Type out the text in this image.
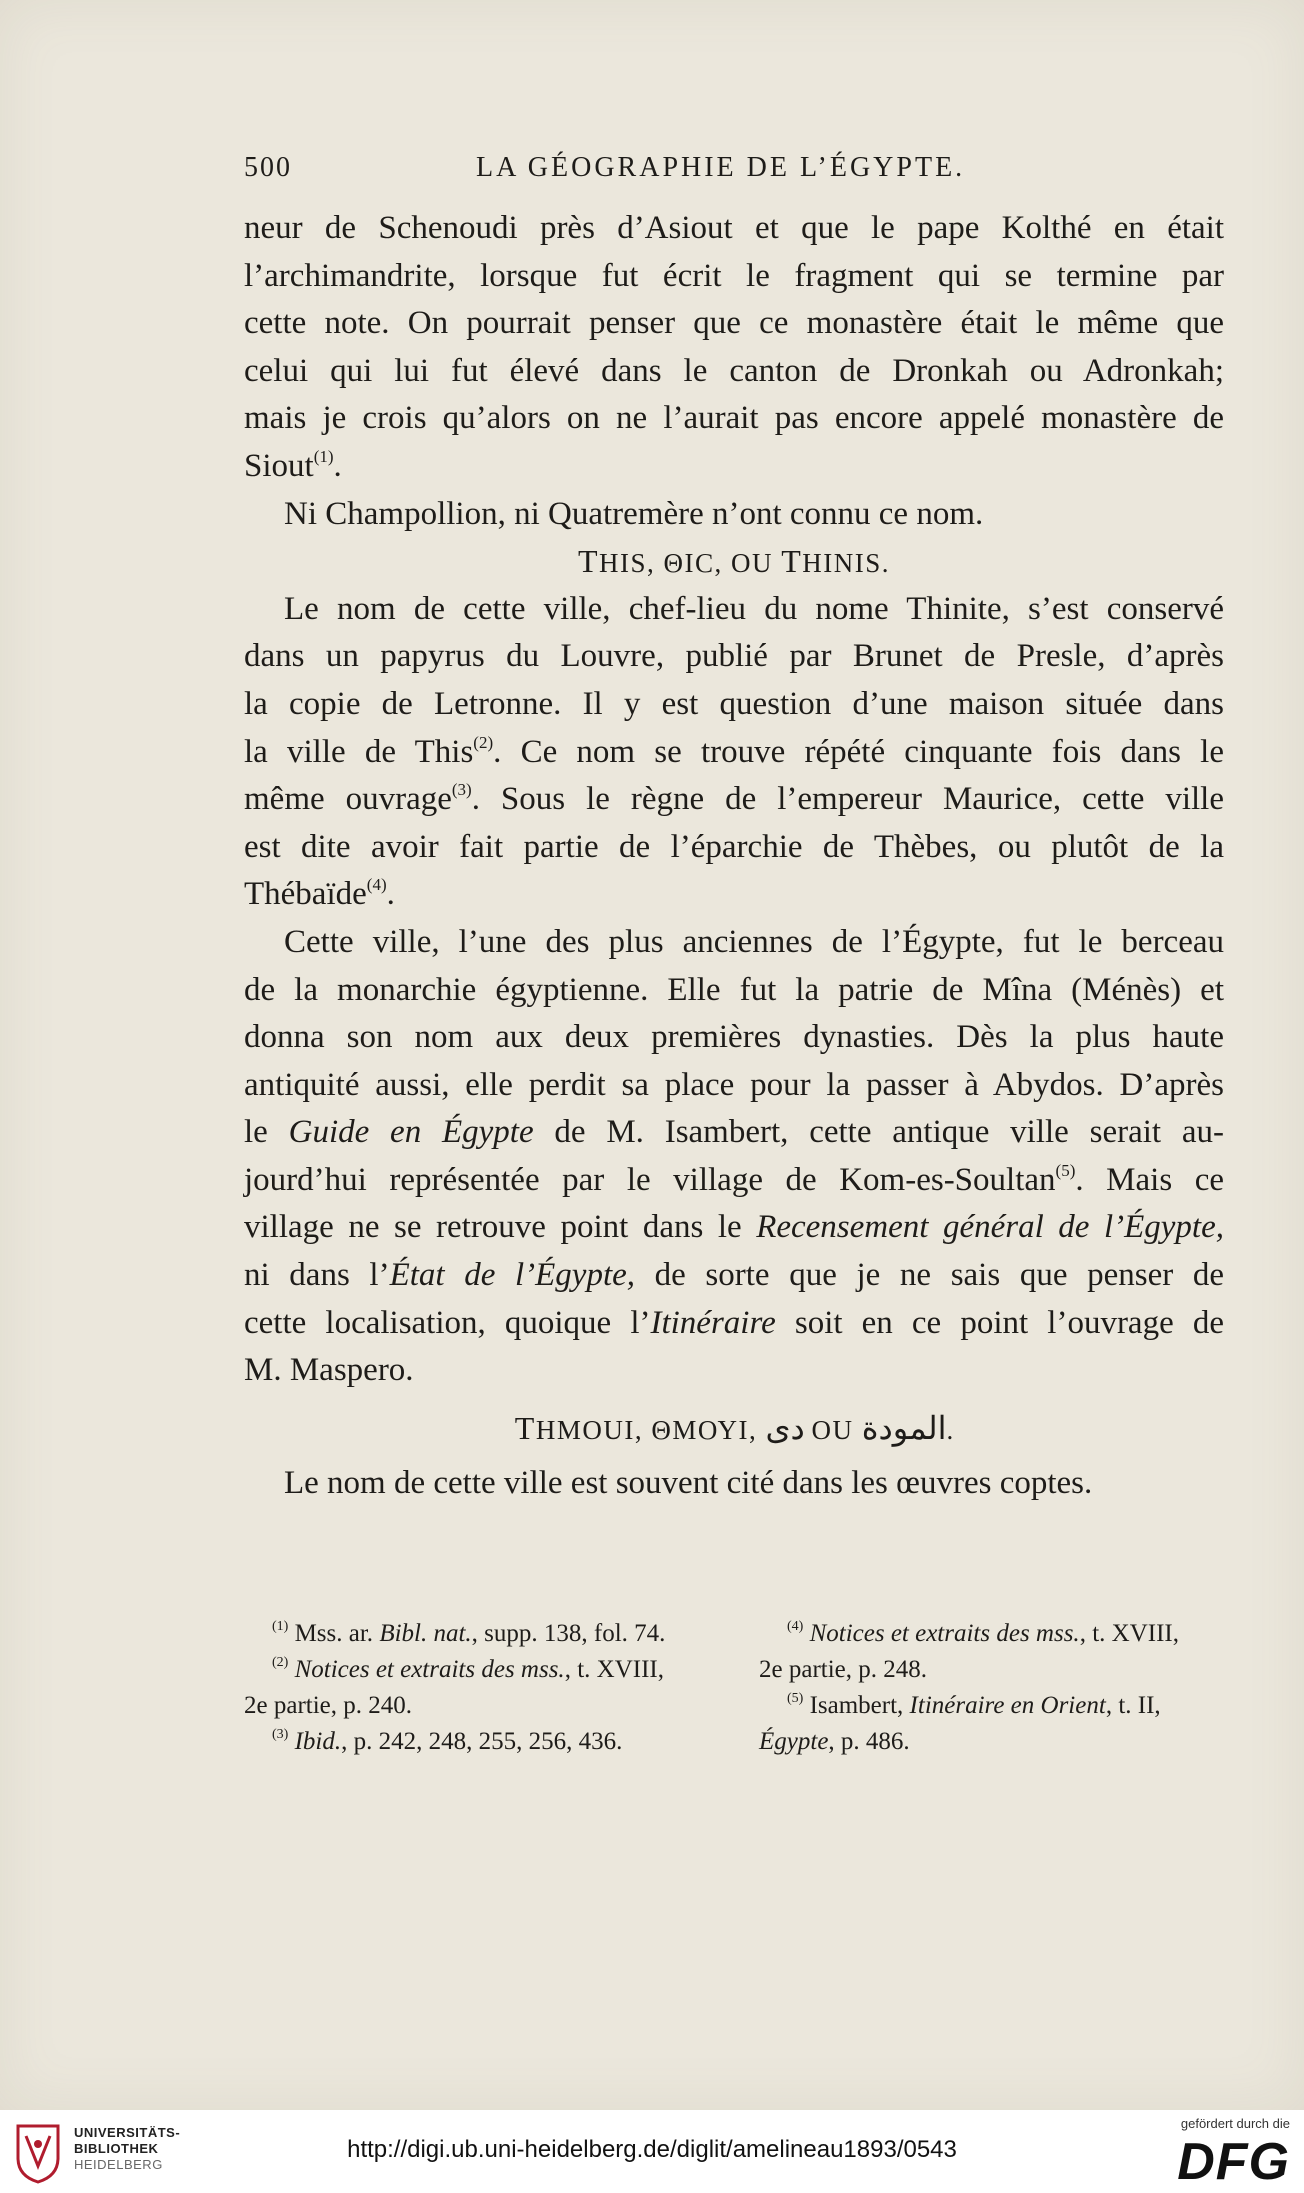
500	LA GÉOGRAPHIE DE L’ÉGYPTE.
neur de Schenoudi près d’Asiout et que le pape Kolthé en était
l’archimandrite, lorsque fut écrit le fragment qui se termine par
cette note. On pourrait penser que ce monastère était le même que
celui qui lui fut élevé dans le canton de Dronkah ou Adronkah;
mais je crois qu’alors on ne l’aurait pas encore appelé monastère de
Siout$^{(1)}$.
Ni Champollion, ni Quatremère n’ont connu ce nom.
THIS, ΘΙϹ, OU THINIS.
Le nom de cette ville, chef-lieu du nome Thinite, s’est conservé
dans un papyrus du Louvre, publié par Brunet de Presle, d’après
la copie de Letronne. Il y est question d’une maison située dans
la ville de This$^{(2)}$. Ce nom se trouve répété cinquante fois dans le
même ouvrage$^{(3)}$. Sous le règne de l’empereur Maurice, cette ville
est dite avoir fait partie de l’éparchie de Thèbes, ou plutôt de la
Thébaïde$^{(4)}$.
Cette ville, l’une des plus anciennes de l’Égypte, fut le berceau
de la monarchie égyptienne. Elle fut la patrie de Mîna (Ménès) et
donna son nom aux deux premières dynasties. Dès la plus haute
antiquité aussi, elle perdit sa place pour la passer à Abydos. D’après
le Guide en Égypte de M. Isambert, cette antique ville serait au-
jourd’hui représentée par le village de Kom-es-Soultan$^{(5)}$. Mais ce
village ne se retrouve point dans le Recensement général de l’Égypte,
ni dans l’État de l’Égypte, de sorte que je ne sais que penser de
cette localisation, quoique l’Itinéraire soit en ce point l’ouvrage de
M. Maspero.
THMOUI, ΘΜΟΥΙ, دى OU المودة.
Le nom de cette ville est souvent cité dans les œuvres coptes.
$^{(1)}$ Mss. ar. Bibl. nat., supp. 138, fol. 74.
$^{(2)}$ Notices et extraits des mss., t. XVIII,
2e partie, p. 240.
$^{(3)}$ Ibid., p. 242, 248, 255, 256, 436.
$^{(4)}$ Notices et extraits des mss., t. XVIII,
2e partie, p. 248.
$^{(5)}$ Isambert, Itinéraire en Orient, t. II,
Égypte, p. 486.
UNIVERSITÄTS-
BIBLIOTHEK
HEIDELBERG
http://digi.ub.uni-heidelberg.de/diglit/amelineau1893/0543
gefördert durch die
DFG
